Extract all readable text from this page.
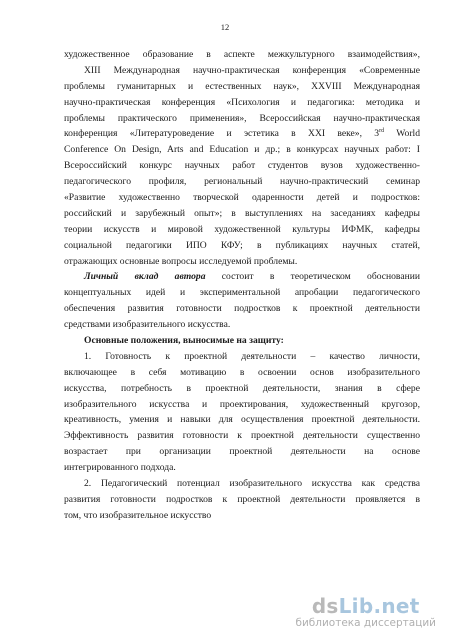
12
художественное образование в аспекте межкультурного взаимодействия»,
XIII Международная научно-практическая конференция «Современные
проблемы гуманитарных и естественных наук», XXVIII Международная
научно-практическая конференция «Психология и педагогика: методика и
проблемы практического применения», Всероссийская научно-практическая
конференция «Литературоведение и эстетика в XXI веке», 3rd World
Conference On Design, Arts and Education и др.; в конкурсах научных работ: I
Всероссийский конкурс научных работ студентов вузов художественно-
педагогического профиля, региональный научно-практический семинар
«Развитие художественно творческой одаренности детей и подростков:
российский и зарубежный опыт»; в выступлениях на заседаниях кафедры
теории искусств и мировой художественной культуры ИФМК, кафедры
социальной педагогики ИПО КФУ; в публикациях научных статей,
отражающих основные вопросы исследуемой проблемы.
Личный вклад автора состоит в теоретическом обосновании
концептуальных идей и экспериментальной апробации педагогического
обеспечения развития готовности подростков к проектной деятельности
средствами изобразительного искусства.
Основные положения, выносимые на защиту:
1. Готовность к проектной деятельности – качество личности,
включающее в себя мотивацию в освоении основ изобразительного
искусства, потребность в проектной деятельности, знания в сфере
изобразительного искусства и проектирования, художественный кругозор,
креативность, умения и навыки для осуществления проектной деятельности.
Эффективность развития готовности к проектной деятельности существенно
возрастает при организации проектной деятельности на основе
интегрированного подхода.
2. Педагогический потенциал изобразительного искусства как средства
развития готовности подростков к проектной деятельности проявляется в
том, что изобразительное искусство
dsLib.net
библиотека диссертаций
